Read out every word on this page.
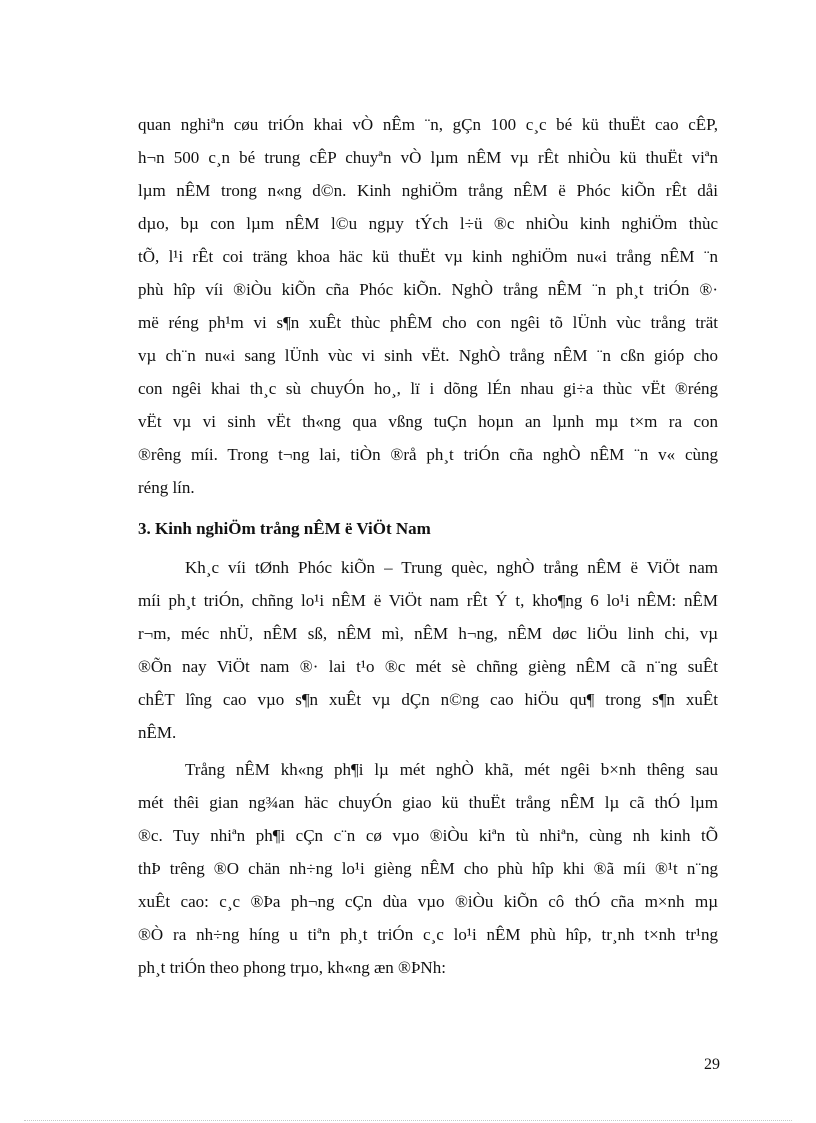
quan nghiªn cøu triÓn khai vÒ nÊm ¨n, gÇn 100 c¸c bé kü thuËt cao cÊP,
h¬n 500 c¸n bé trung cÊP chuyªn vÒ lµm nÊM vµ rÊt nhiÒu kü thuËt viªn
lµm nÊM trong n«ng d©n. Kinh nghiÖm trång nÊM ë Phóc kiÕn rÊt dåi
dµo, bµ con lµm nÊM l©u ngµy tÝch l÷ü ®c nhiÒu kinh nghiÖm thùc
tÕ, l¹i rÊt coi träng khoa häc kü thuËt vµ kinh nghiÖm nu«i trång nÊM ¨n
phù hîp víi ®iÒu kiÕn cña Phóc kiÕn. NghÒ trång nÊM ¨n ph¸t triÓn ®·
më réng ph¹m vi s¶n xuÊt thùc phÊM cho con ngêi tõ lÜnh vùc trång trät
vµ ch¨n nu«i sang lÜnh vùc vi sinh vËt. NghÒ trång nÊM ¨n cßn gióp cho
con ngêi khai th¸c sù chuyÓn ho¸, lï i dõng lÉn nhau gi÷a thùc vËt ®réng
vËt vµ vi sinh vËt th«ng qua vßng tuÇn hoµn an lµnh mµ t×m ra con
®rêng míi. Trong t¬ng lai, tiÒn ®rå ph¸t triÓn cña nghÒ nÊM ¨n v« cùng
réng lín.
3. Kinh nghiÖm trång nÊM ë ViÖt Nam
Kh¸c víi tØnh Phóc kiÕn – Trung quèc, nghÒ trång nÊM ë ViÖt nam
míi ph¸t triÓn, chñng lo¹i nÊM ë ViÖt nam rÊt Ý t, kho¶ng 6 lo¹i nÊM: nÊM
r¬m, méc nhÜ, nÊM sß, nÊM mì, nÊM h¬ng, nÊM døc liÖu linh chi, vµ
®Õn nay ViÖt nam ®· lai t¹o ®c mét sè chñng gièng nÊM cã n¨ng suÊt
chÊT lîng cao vµo s¶n xuÊt vµ dÇn n©ng cao hiÖu qu¶ trong s¶n xuÊt
nÊM.
Trång nÊM kh«ng ph¶i lµ mét nghÒ khã, mét ngêi b×nh thêng sau
mét thêi gian ng¾an häc chuyÓn giao kü thuËt trång nÊM lµ cã thÓ lµm
®c. Tuy nhiªn ph¶i cÇn c¨n cø vµo ®iÒu kiªn tù nhiªn, cùng nh kinh tÕ
thÞ trêng ®O chän nh÷ng lo¹i gièng nÊM cho phù hîp khi ®ã míi ®¹t n¨ng
xuÊt cao: c¸c ®Þa ph¬ng cÇn dùa vµo ®iÒu kiÕn cô thÓ cña m×nh mµ
®Ò ra nh÷ng híng u tiªn ph¸t triÓn c¸c lo¹i nÊM phù hîp, tr¸nh t×nh tr¹ng
ph¸t triÓn theo phong trµo, kh«ng æn ®ÞNh:
29
